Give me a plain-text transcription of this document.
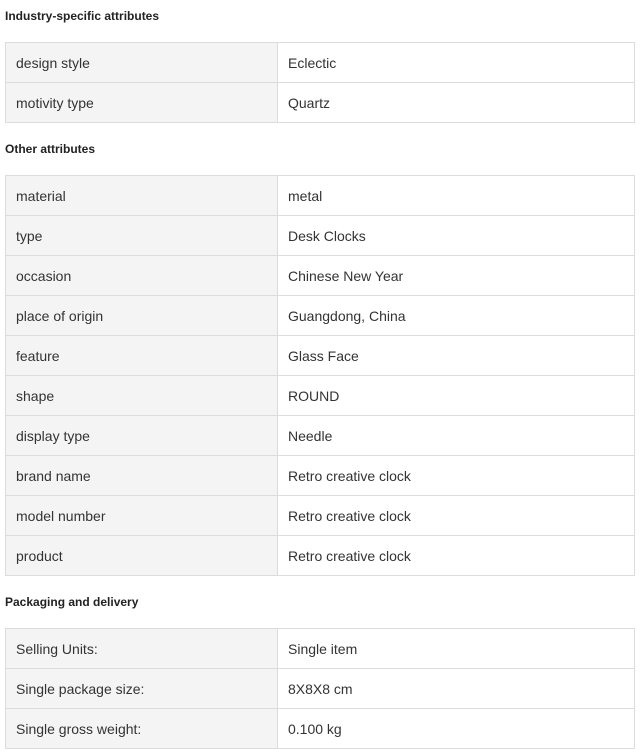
Industry-specific attributes
design style	Eclectic
motivity type	Quartz
Other attributes
material	metal
type	Desk Clocks
occasion	Chinese New Year
place of origin	Guangdong, China
feature	Glass Face
shape	ROUND
display type	Needle
brand name	Retro creative clock
model number	Retro creative clock
product	Retro creative clock
Packaging and delivery
Selling Units:	Single item
Single package size:	8X8X8 cm
Single gross weight:	0.100 kg
